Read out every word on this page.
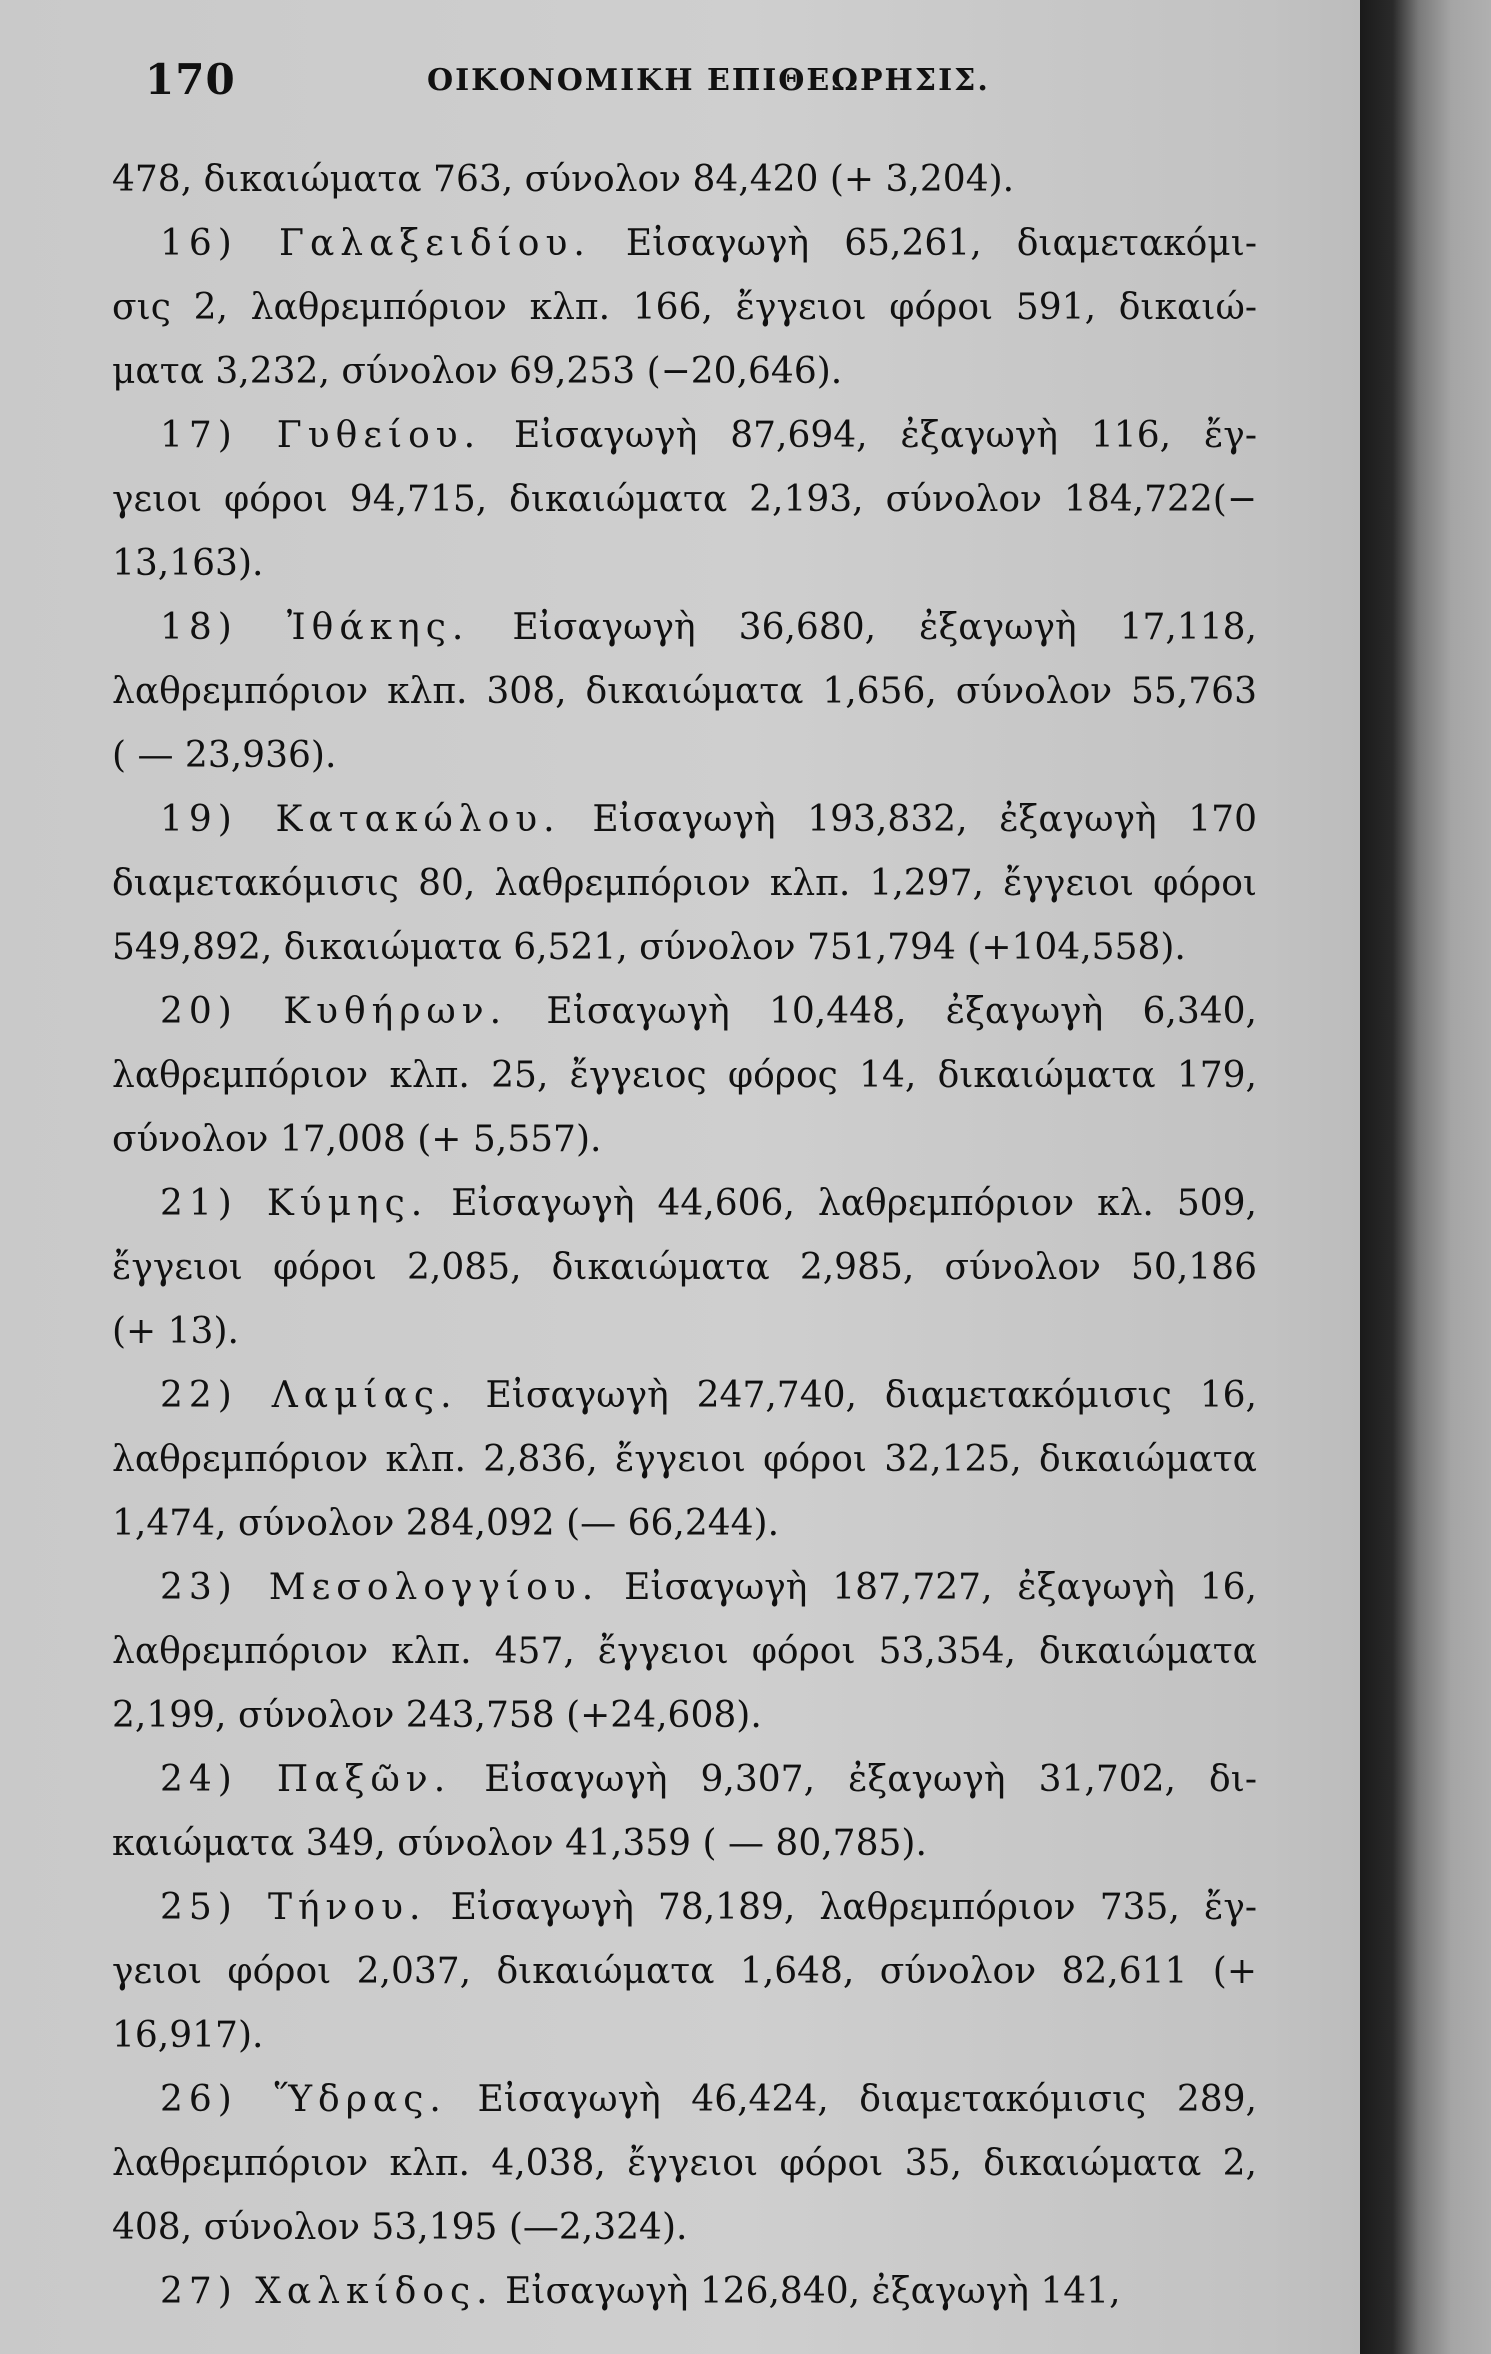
170	ΟΙΚΟΝΟΜΙΚΗ ΕΠΙΘΕΩΡΗΣΙΣ.
478, δικαιώματα 763, σύνολον 84,420 (+ 3,204).
16) Γαλαξειδίου. Εἰσαγωγὴ 65,261, διαμετακόμι-
σις 2, λαθρεμπόριον κλπ. 166, ἔγγειοι φόροι 591, δικαιώ-
ματα 3,232, σύνολον 69,253 (−20,646).
17) Γυθείου. Εἰσαγωγὴ 87,694, ἐξαγωγὴ 116, ἔγ-
γειοι φόροι 94,715, δικαιώματα 2,193, σύνολον 184,722(−
13,163).
18) Ἰθάκης. Εἰσαγωγὴ 36,680, ἐξαγωγὴ 17,118,
λαθρεμπόριον κλπ. 308, δικαιώματα 1,656, σύνολον 55,763
( — 23,936).
19) Κατακώλου. Εἰσαγωγὴ 193,832, ἐξαγωγὴ 170
διαμετακόμισις 80, λαθρεμπόριον κλπ. 1,297, ἔγγειοι φόροι
549,892, δικαιώματα 6,521, σύνολον 751,794 (+104,558).
20) Κυθήρων. Εἰσαγωγὴ 10,448, ἐξαγωγὴ 6,340,
λαθρεμπόριον κλπ. 25, ἔγγειος φόρος 14, δικαιώματα 179,
σύνολον 17,008 (+ 5,557).
21) Κύμης. Εἰσαγωγὴ 44,606, λαθρεμπόριον κλ. 509,
ἔγγειοι φόροι 2,085, δικαιώματα 2,985, σύνολον 50,186
(+ 13).
22) Λαμίας. Εἰσαγωγὴ 247,740, διαμετακόμισις 16,
λαθρεμπόριον κλπ. 2,836, ἔγγειοι φόροι 32,125, δικαιώματα
1,474, σύνολον 284,092 (— 66,244).
23) Μεσολογγίου. Εἰσαγωγὴ 187,727, ἐξαγωγὴ 16,
λαθρεμπόριον κλπ. 457, ἔγγειοι φόροι 53,354, δικαιώματα
2,199, σύνολον 243,758 (+24,608).
24) Παξῶν. Εἰσαγωγὴ 9,307, ἐξαγωγὴ 31,702, δι-
καιώματα 349, σύνολον 41,359 ( — 80,785).
25) Τήνου. Εἰσαγωγὴ 78,189, λαθρεμπόριον 735, ἔγ-
γειοι φόροι 2,037, δικαιώματα 1,648, σύνολον 82,611 (+
16,917).
26) Ὕδρας. Εἰσαγωγὴ 46,424, διαμετακόμισις 289,
λαθρεμπόριον κλπ. 4,038, ἔγγειοι φόροι 35, δικαιώματα 2,
408, σύνολον 53,195 (—2,324).
27) Χαλκίδος. Εἰσαγωγὴ 126,840, ἐξαγωγὴ 141,
